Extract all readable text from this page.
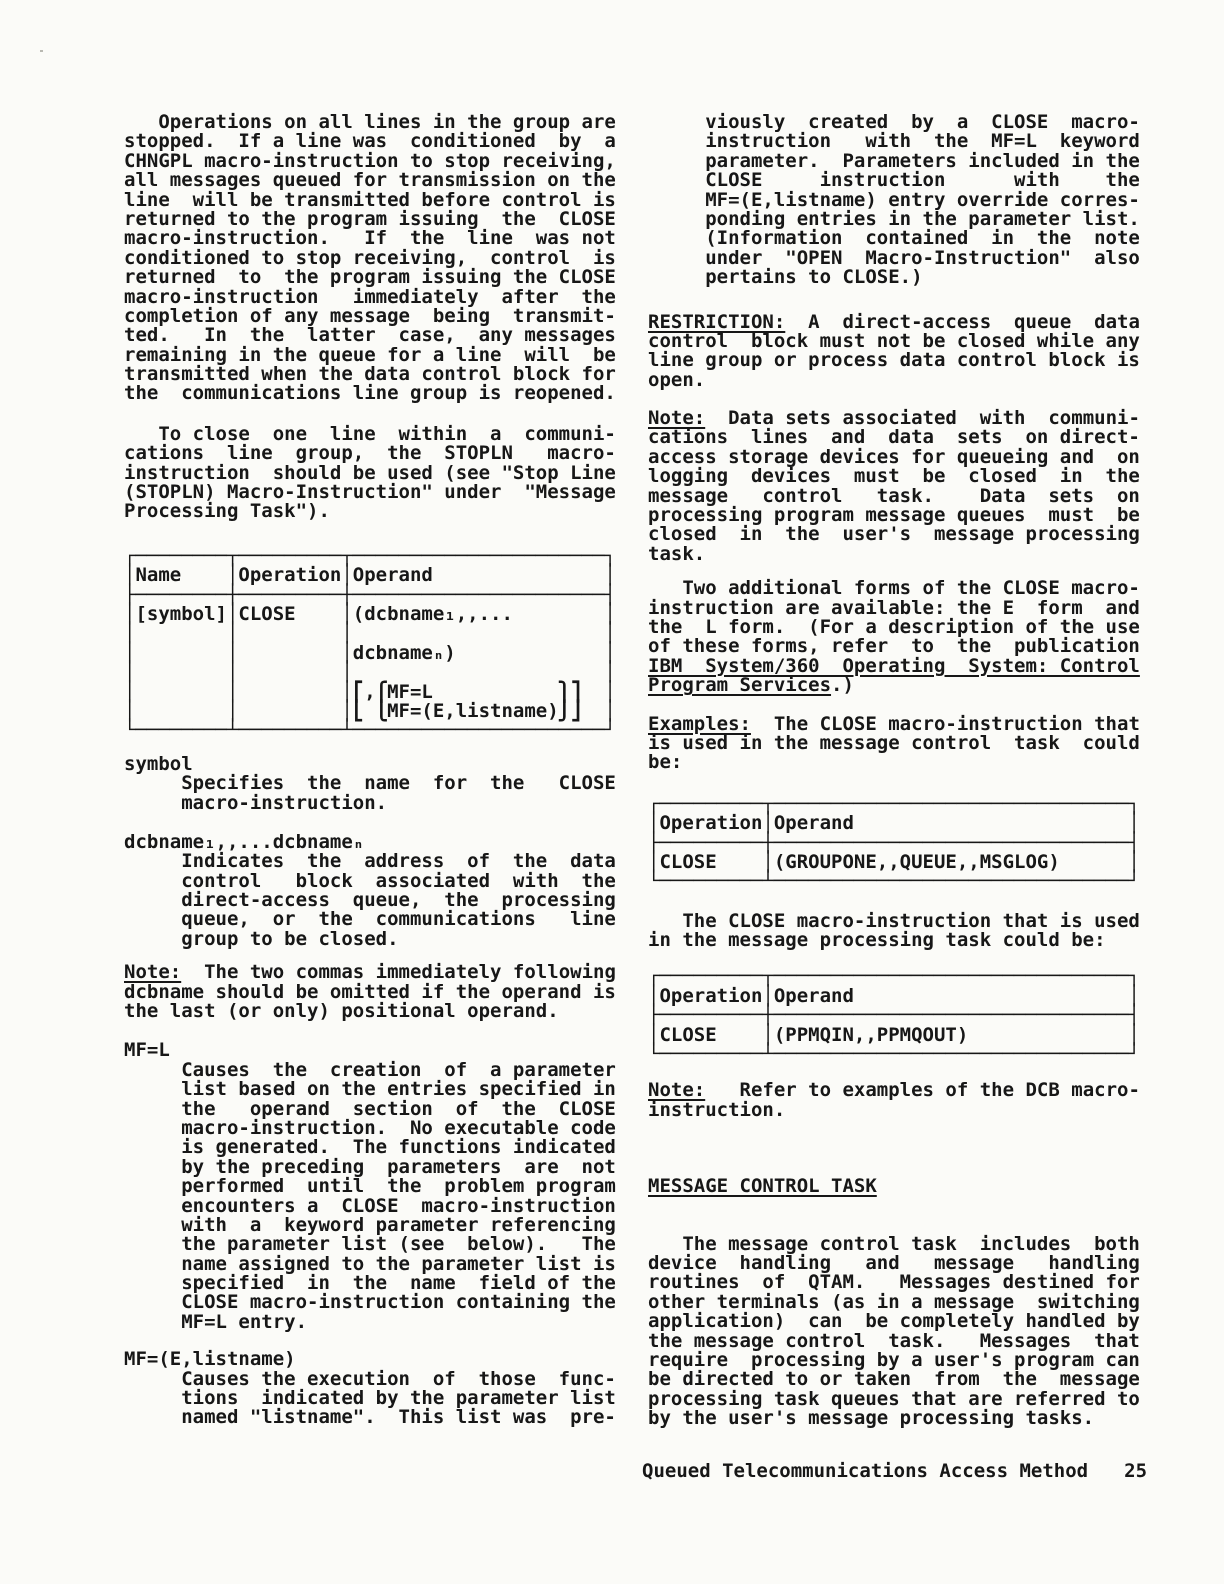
Operations on all lines in the group are
stopped.  If a line was  conditioned  by  a
CHNGPL macro-instruction to stop receiving,
all messages queued for transmission on the
line  will be transmitted before control is
returned to the program issuing  the  CLOSE
macro-instruction.   If  the  line  was not
conditioned to stop receiving,  control  is
returned  to  the program issuing the CLOSE
macro-instruction   immediately  after  the
completion of any message  being  transmit-
ted.   In  the  latter  case,  any messages
remaining in the queue for a line  will  be
transmitted when the data control block for
the  communications line group is reopened.
To close  one  line  within  a  communi-
cations  line  group,  the  STOPLN   macro-
instruction  should be used (see "Stop Line
(STOPLN) Macro-Instruction" under  "Message
Processing Task").
┌────────┬─────────┬──────────────────────┐
│Name    │Operation│Operand               │
├────────┼─────────┼──────────────────────┤
│[symbol]│CLOSE    │(dcbname₁,,...        │
│        │         │                      │
│        │         │dcbnameₙ)             │
│        │         │                      │
│        │         │⎡,⎧MF=L           ⎫⎤  │
│        │         │⎣ ⎩MF=(E,listname)⎭⎦  │
└────────┴─────────┴──────────────────────┘
symbol
Specifies  the  name  for  the   CLOSE
macro-instruction.
dcbname₁,,...dcbnameₙ
Indicates  the  address  of  the  data
control   block  associated  with  the
direct-access  queue,  the  processing
queue,  or  the  communications   line
group to be closed.
Note:  The two commas immediately following
dcbname should be omitted if the operand is
the last (or only) positional operand.
MF=L
Causes  the  creation  of  a parameter
list based on the entries specified in
the   operand  section  of  the  CLOSE
macro-instruction.  No executable code
is generated.  The functions indicated
by the preceding  parameters  are  not
performed  until  the  problem program
encounters a  CLOSE  macro-instruction
with  a  keyword parameter referencing
the parameter list (see  below).   The
name assigned to the parameter list is
specified  in  the  name  field of the
CLOSE macro-instruction containing the
MF=L entry.
MF=(E,listname)
Causes the execution  of  those  func-
tions  indicated by the parameter list
named "listname".  This list was  pre-
viously  created  by  a  CLOSE  macro-
instruction   with  the  MF=L  keyword
parameter.  Parameters included in the
CLOSE     instruction      with    the
MF=(E,listname) entry override corres-
ponding entries in the parameter list.
(Information  contained  in  the  note
under  "OPEN  Macro-Instruction"  also
pertains to CLOSE.)
RESTRICTION:  A  direct-access  queue  data
control  block must not be closed while any
line group or process data control block is
open.
Note:  Data sets associated  with  communi-
cations  lines  and  data  sets  on direct-
access storage devices for queueing and  on
logging  devices  must  be  closed  in  the
message   control   task.    Data  sets  on
processing program message queues  must  be
closed  in  the  user's  message processing
task.
Two additional forms of the CLOSE macro-
instruction are available: the E  form  and
the  L form.  (For a description of the use
of these forms, refer  to  the  publication
IBM  System/360  Operating  System: Control
Program Services.)
Examples:  The CLOSE macro-instruction that
is used in the message control  task  could
be:
┌─────────┬───────────────────────────────┐
│Operation│Operand                        │
├─────────┼───────────────────────────────┤
│CLOSE    │(GROUPONE,,QUEUE,,MSGLOG)      │
└─────────┴───────────────────────────────┘
The CLOSE macro-instruction that is used
in the message processing task could be:
┌─────────┬───────────────────────────────┐
│Operation│Operand                        │
├─────────┼───────────────────────────────┤
│CLOSE    │(PPMQIN,,PPMQOUT)              │
└─────────┴───────────────────────────────┘
Note:   Refer to examples of the DCB macro-
instruction.
MESSAGE CONTROL TASK
The message control task  includes  both
device  handling   and   message   handling
routines  of  QTAM.   Messages destined for
other terminals (as in a message  switching
application)  can  be completely handled by
the message control  task.   Messages  that
require  processing by a user's program can
be directed to or taken  from  the  message
processing task queues that are referred to
by the user's message processing tasks.
Queued Telecommunications Access Method 25
